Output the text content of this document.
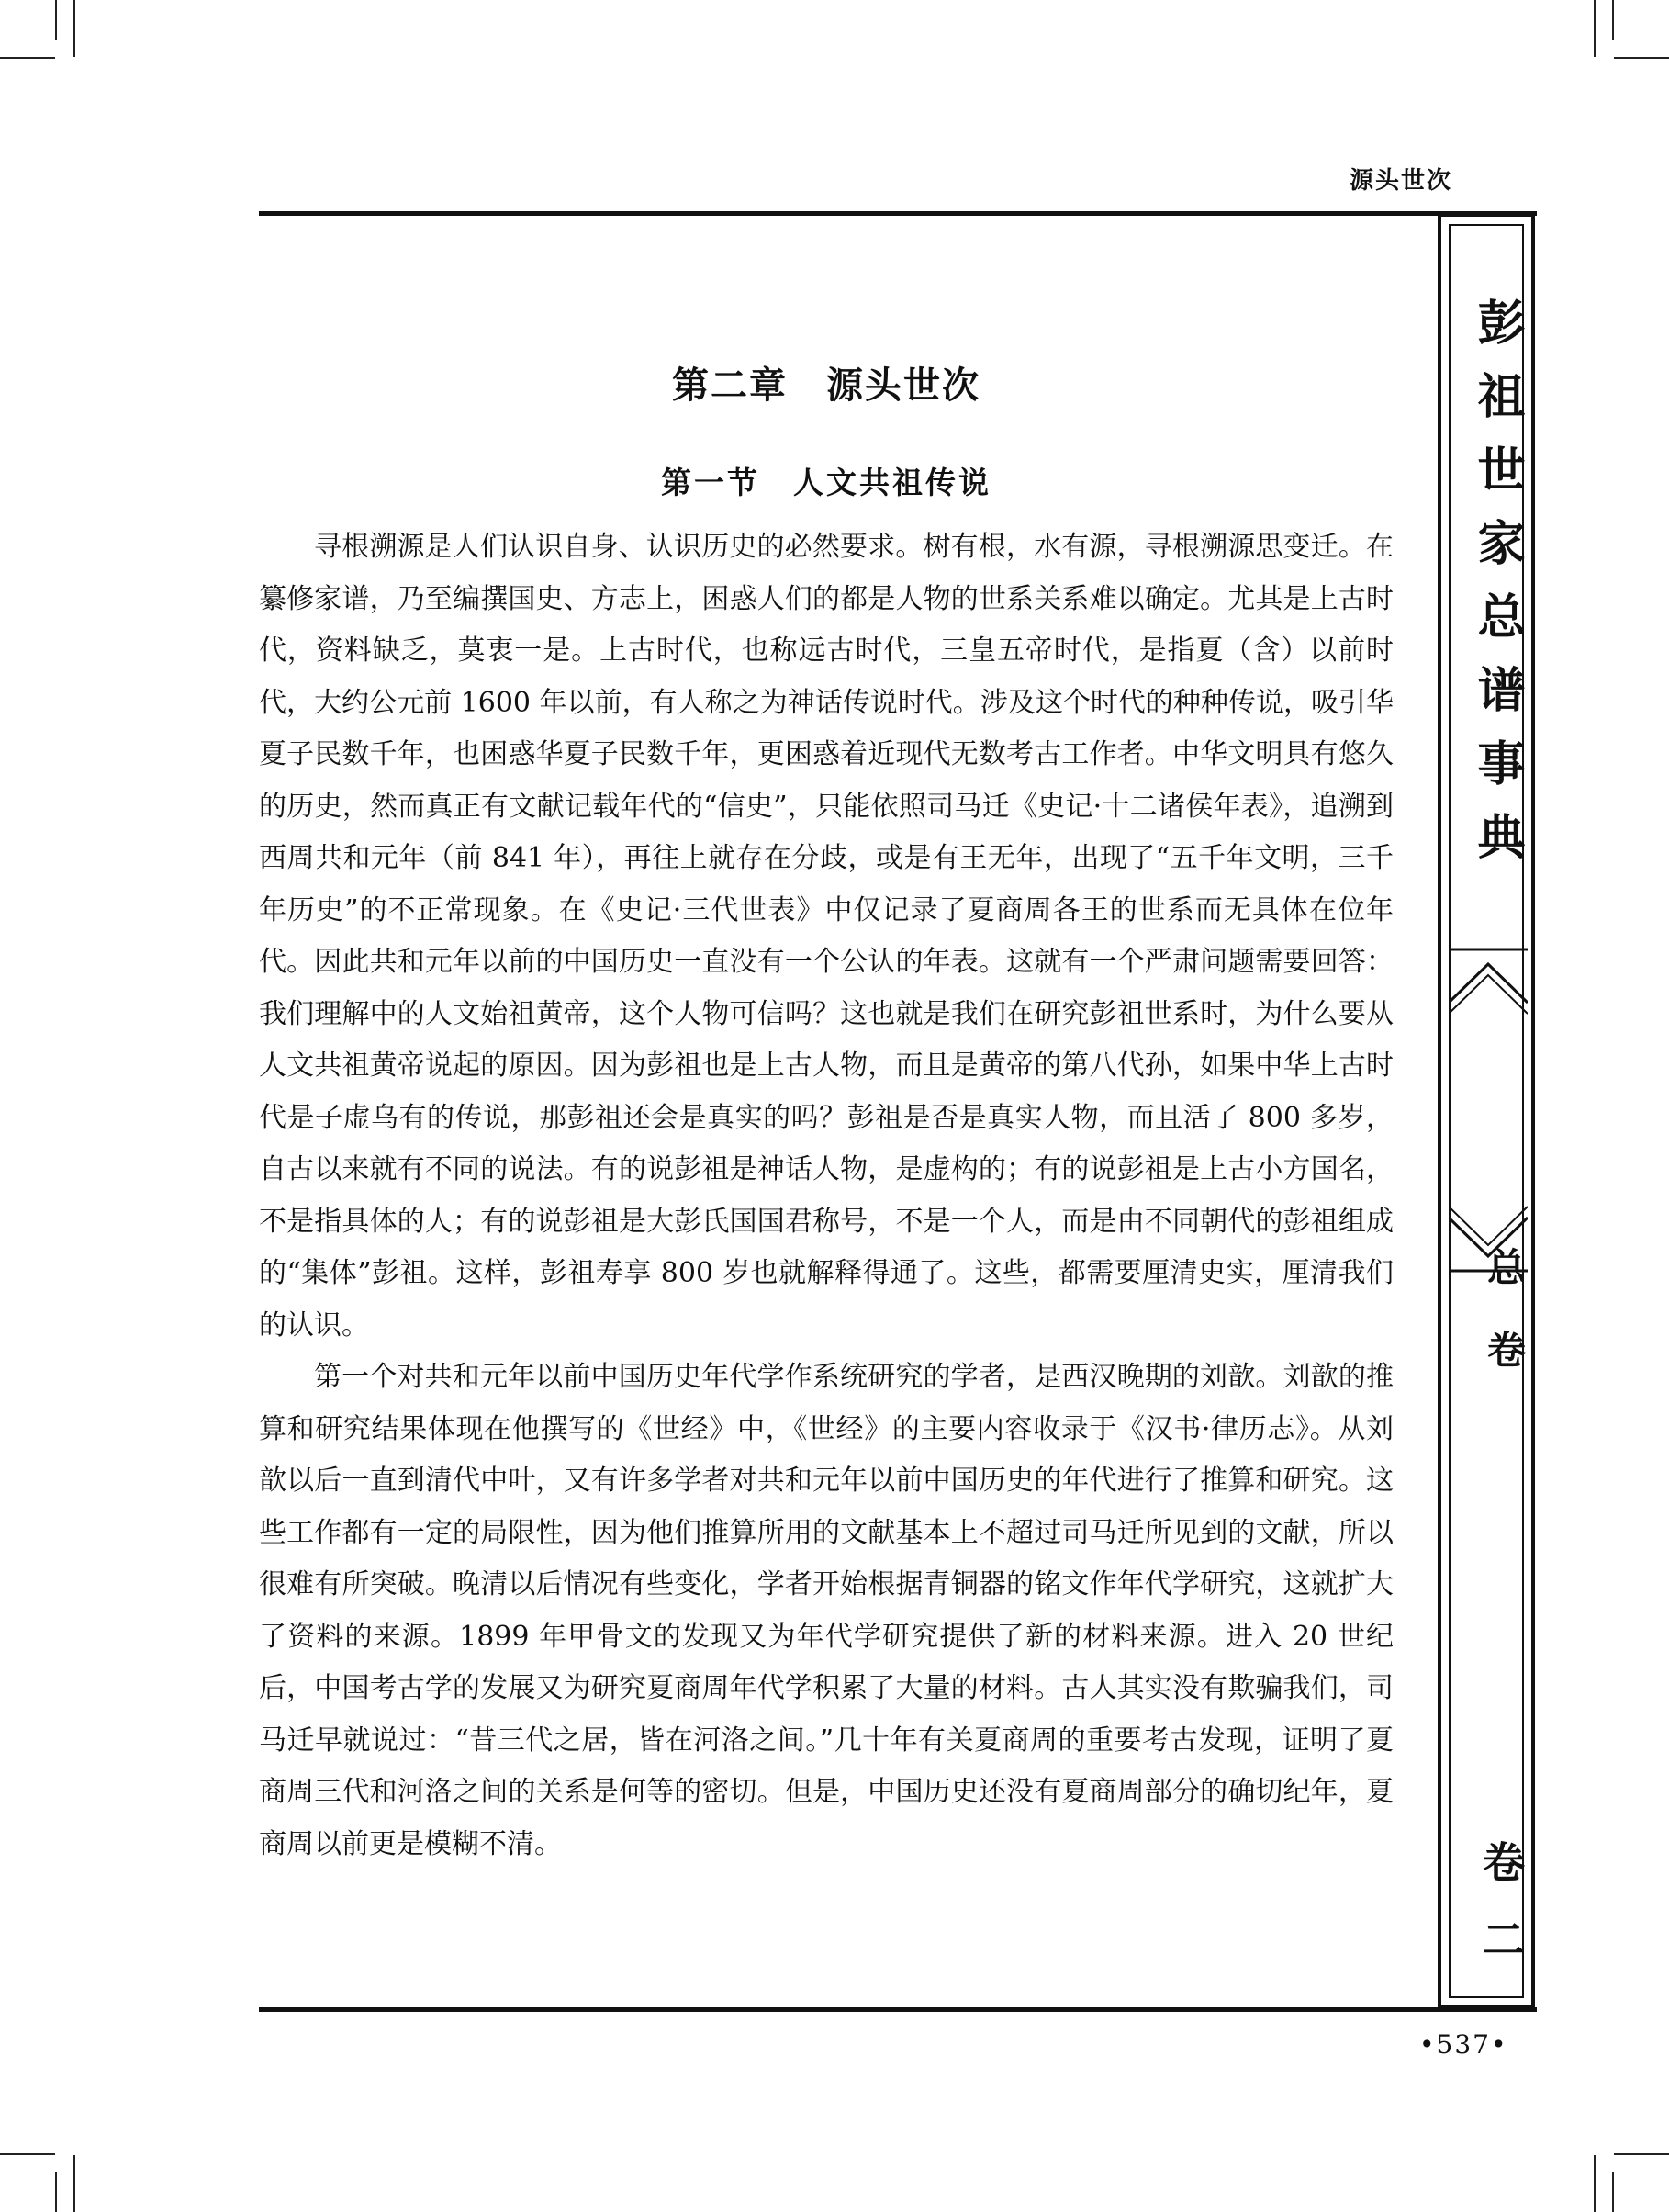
源头世次
第二章　源头世次
第一节　人文共祖传说

寻根溯源是人们认识自身、认识历史的必然要求。树有根，水有源，寻根溯源思变迁。在纂修家谱，乃至编撰国史、方志上，困惑人们的都是人物的世系关系难以确定。尤其是上古时代，资料缺乏，莫衷一是。上古时代，也称远古时代，三皇五帝时代，是指夏（含）以前时代，大约公元前 1600 年以前，有人称之为神话传说时代。涉及这个时代的种种传说，吸引华夏子民数千年，也困惑华夏子民数千年，更困惑着近现代无数考古工作者。中华文明具有悠久的历史，然而真正有文献记载年代的“信史”，只能依照司马迁《史记·十二诸侯年表》，追溯到西周共和元年（前 841 年），再往上就存在分歧，或是有王无年，出现了“五千年文明，三千年历史”的不正常现象。在《史记·三代世表》中仅记录了夏商周各王的世系而无具体在位年代。因此共和元年以前的中国历史一直没有一个公认的年表。这就有一个严肃问题需要回答：我们理解中的人文始祖黄帝，这个人物可信吗？这也就是我们在研究彭祖世系时，为什么要从人文共祖黄帝说起的原因。因为彭祖也是上古人物，而且是黄帝的第八代孙，如果中华上古时代是子虚乌有的传说，那彭祖还会是真实的吗？彭祖是否是真实人物，而且活了 800 多岁，自古以来就有不同的说法。有的说彭祖是神话人物，是虚构的；有的说彭祖是上古小方国名，不是指具体的人；有的说彭祖是大彭氏国国君称号，不是一个人，而是由不同朝代的彭祖组成的“集体”彭祖。这样，彭祖寿享 800 岁也就解释得通了。这些，都需要厘清史实，厘清我们的认识。

第一个对共和元年以前中国历史年代学作系统研究的学者，是西汉晚期的刘歆。刘歆的推算和研究结果体现在他撰写的《世经》中，《世经》的主要内容收录于《汉书·律历志》。从刘歆以后一直到清代中叶，又有许多学者对共和元年以前中国历史的年代进行了推算和研究。这些工作都有一定的局限性，因为他们推算所用的文献基本上不超过司马迁所见到的文献，所以很难有所突破。晚清以后情况有些变化，学者开始根据青铜器的铭文作年代学研究，这就扩大了资料的来源。1899 年甲骨文的发现又为年代学研究提供了新的材料来源。进入 20 世纪后，中国考古学的发展又为研究夏商周年代学积累了大量的材料。古人其实没有欺骗我们，司马迁早就说过：“昔三代之居，皆在河洛之间。”几十年有关夏商周的重要考古发现，证明了夏商周三代和河洛之间的关系是何等的密切。但是，中国历史还没有夏商周部分的确切纪年，夏商周以前更是模糊不清。

彭祖世家总谱事典
总卷
卷二
•537•
